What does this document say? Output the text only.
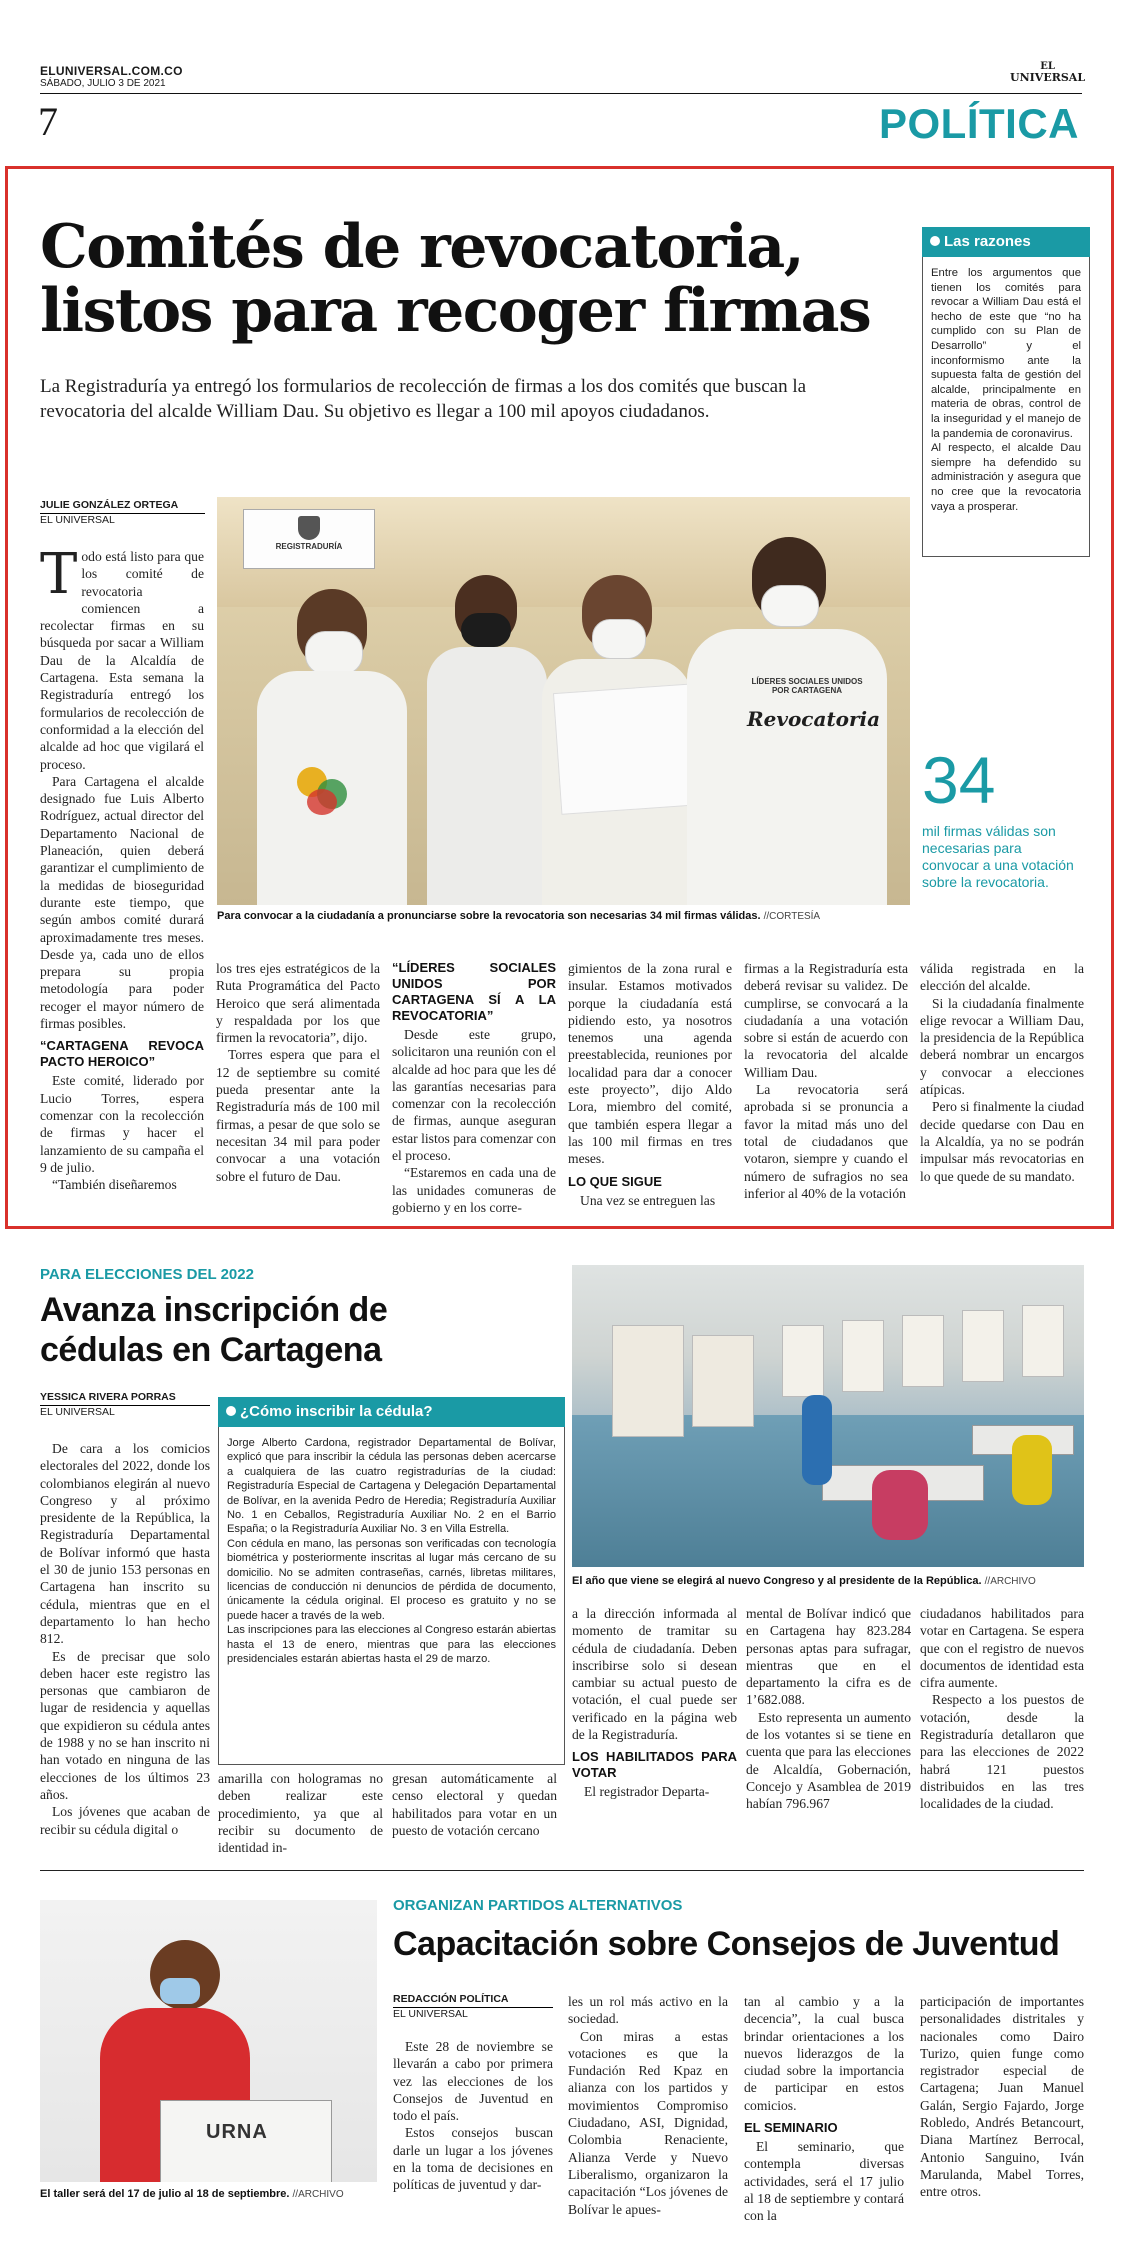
ELUNIVERSAL.COM.CO
SÁBADO, JULIO 3 DE 2021
7
EL
UNIVERSAL
POLÍTICA
Comités de revocatoria,
listos para recoger firmas
La Registraduría ya entregó los formularios de recolección de firmas a los dos comités que buscan la revocatoria del alcalde William Dau. Su objetivo es llegar a 100 mil apoyos ciudadanos.
Las razones
Entre los argumentos que tienen los comités para revocar a William Dau está el hecho de este que “no ha cumplido con su Plan de Desarrollo” y el inconformismo ante la supuesta falta de gestión del alcalde, principalmente en materia de obras, control de la inseguridad y el manejo de la pandemia de coronavirus.
Al respecto, el alcalde Dau siempre ha defendido su administración y asegura que no cree que la revocatoria vaya a prosperar.
JULIE GONZÁLEZ ORTEGA
EL UNIVERSAL
REGISTRADURÍA
LÍDERES SOCIALES UNIDOS POR CARTAGENA
Revocatoria
Para convocar a la ciudadanía a pronunciarse sobre la revocatoria son necesarias 34 mil firmas válidas. //CORTESÍA
34
mil firmas válidas son necesarias para convocar a una votación sobre la revocatoria.

Todo está listo para que los comité de revocatoria comiencen a recolectar firmas en su búsqueda por sacar a William Dau de la Alcaldía de Cartagena. Esta semana la Registraduría entregó los formularios de recolección de conformidad a la elección del alcalde ad hoc que vigilará el proceso.

Para Cartagena el alcalde designado fue Luis Alberto Rodríguez, actual director del Departamento Nacional de Planeación, quien deberá garantizar el cumplimiento de la medidas de bioseguridad durante este tiempo, que según ambos comité durará aproximadamente tres meses. Desde ya, cada uno de ellos prepara su propia metodología para poder recoger el mayor número de firmas posibles.

“CARTAGENA REVOCA PACTO HEROICO”

Este comité, liderado por Lucio Torres, espera comenzar con la recolección de firmas y hacer el lanzamiento de su campaña el 9 de julio.

“También diseñaremos

los tres ejes estratégicos de la Ruta Programática del Pacto Heroico que será alimentada y respaldada por los que firmen la revocatoria”, dijo.

Torres espera que para el 12 de septiembre su comité pueda presentar ante la Registraduría más de 100 mil firmas, a pesar de que solo se necesitan 34 mil para poder convocar a una votación sobre el futuro de Dau.

“LÍDERES SOCIALES UNIDOS POR CARTAGENA SÍ A LA REVOCATORIA”

Desde este grupo, solicitaron una reunión con el alcalde ad hoc para que les dé las garantías necesarias para comenzar con la recolección de firmas, aunque aseguran estar listos para comenzar con el proceso.

“Estaremos en cada una de las unidades comuneras de gobierno y en los corre-

gimientos de la zona rural e insular. Estamos motivados porque la ciudadanía está pidiendo esto, ya nosotros tenemos una agenda preestablecida, reuniones por localidad para dar a conocer este proyecto”, dijo Aldo Lora, miembro del comité, que también espera llegar a las 100 mil firmas en tres meses.

LO QUE SIGUE

Una vez se entreguen las

firmas a la Registraduría esta deberá revisar su validez. De cumplirse, se convocará a la ciudadanía a una votación sobre si están de acuerdo con la revocatoria del alcalde William Dau.

La revocatoria será aprobada si se pronuncia a favor la mitad más uno del total de ciudadanos que votaron, siempre y cuando el número de sufragios no sea inferior al 40% de la votación

válida registrada en la elección del alcalde.

Si la ciudadanía finalmente elige revocar a William Dau, la presidencia de la República deberá nombrar un encargos y convocar a elecciones atípicas.

Pero si finalmente la ciudad decide quedarse con Dau en la Alcaldía, ya no se podrán impulsar más revocatorias en lo que quede de su mandato.

PARA ELECCIONES DEL 2022
Avanza inscripción de
cédulas en Cartagena
YESSICA RIVERA PORRAS
EL UNIVERSAL

De cara a los comicios electorales del 2022, donde los colombianos elegirán al nuevo Congreso y al próximo presidente de la República, la Registraduría Departamental de Bolívar informó que hasta el 30 de junio 153 personas en Cartagena han inscrito su cédula, mientras que en el departamento lo han hecho 812.

Es de precisar que solo deben hacer este registro las personas que cambiaron de lugar de residencia y aquellas que expidieron su cédula antes de 1988 y no se han inscrito ni han votado en ninguna de las elecciones de los últimos 23 años.

Los jóvenes que acaban de recibir su cédula digital o

¿Cómo inscribir la cédula?
Jorge Alberto Cardona, registrador Departamental de Bolívar, explicó que para inscribir la cédula las personas deben acercarse a cualquiera de las cuatro registradurías de la ciudad: Registraduría Especial de Cartagena y Delegación Departamental de Bolívar, en la avenida Pedro de Heredia; Registraduría Auxiliar No. 1 en Ceballos, Registraduría Auxiliar No. 2 en el Barrio España; o la Registraduría Auxiliar No. 3 en Villa Estrella.
Con cédula en mano, las personas son verificadas con tecnología biométrica y posteriormente inscritas al lugar más cercano de su domicilio. No se admiten contraseñas, carnés, libretas militares, licencias de conducción ni denuncios de pérdida de documento, únicamente la cédula original. El proceso es gratuito y no se puede hacer a través de la web.
Las inscripciones para las elecciones al Congreso estarán abiertas hasta el 13 de enero, mientras que para las elecciones presidenciales estarán abiertas hasta el 29 de marzo.
El año que viene se elegirá al nuevo Congreso y al presidente de la República. //ARCHIVO

amarilla con hologramas no deben realizar este procedimiento, ya que al recibir su documento de identidad in-

gresan automáticamente al censo electoral y quedan habilitados para votar en un puesto de votación cercano

a la dirección informada al momento de tramitar su cédula de ciudadanía. Deben inscribirse solo si desean cambiar su actual puesto de votación, el cual puede ser verificado en la página web de la Registraduría.

LOS HABILITADOS PARA VOTAR

El registrador Departa-

mental de Bolívar indicó que en Cartagena hay 823.284 personas aptas para sufragar, mientras que en el departamento la cifra es de 1’682.088.

Esto representa un aumento de los votantes si se tiene en cuenta que para las elecciones de Alcaldía, Gobernación, Concejo y Asamblea de 2019 habían 796.967

ciudadanos habilitados para votar en Cartagena. Se espera que con el registro de nuevos documentos de identidad esta cifra aumente.

Respecto a los puestos de votación, desde la Registraduría detallaron que para las elecciones de 2022 habrá 121 puestos distribuidos en las tres localidades de la ciudad.

URNA
El taller será del 17 de julio al 18 de septiembre. //ARCHIVO
ORGANIZAN PARTIDOS ALTERNATIVOS
Capacitación sobre Consejos de Juventud
REDACCIÓN POLÍTICA
EL UNIVERSAL

Este 28 de noviembre se llevarán a cabo por primera vez las elecciones de los Consejos de Juventud en todo el país.

Estos consejos buscan darle un lugar a los jóvenes en la toma de decisiones en políticas de juventud y dar-

les un rol más activo en la sociedad.

Con miras a estas votaciones es que la Fundación Red Kpaz en alianza con los partidos y movimientos Compromiso Ciudadano, ASI, Dignidad, Colombia Renaciente, Alianza Verde y Nuevo Liberalismo, organizaron la capacitación “Los jóvenes de Bolívar le apues-

tan al cambio y a la decencia”, la cual busca brindar orientaciones a los nuevos liderazgos de la ciudad sobre la importancia de participar en estos comicios.

EL SEMINARIO

El seminario, que contempla diversas actividades, será el 17 julio al 18 de septiembre y contará con la

participación de importantes personalidades distritales y nacionales como Dairo Turizo, quien funge como registrador especial de Cartagena; Juan Manuel Galán, Sergio Fajardo, Jorge Robledo, Andrés Betancourt, Diana Martínez Berrocal, Antonio Sanguino, Iván Marulanda, Mabel Torres, entre otros.
